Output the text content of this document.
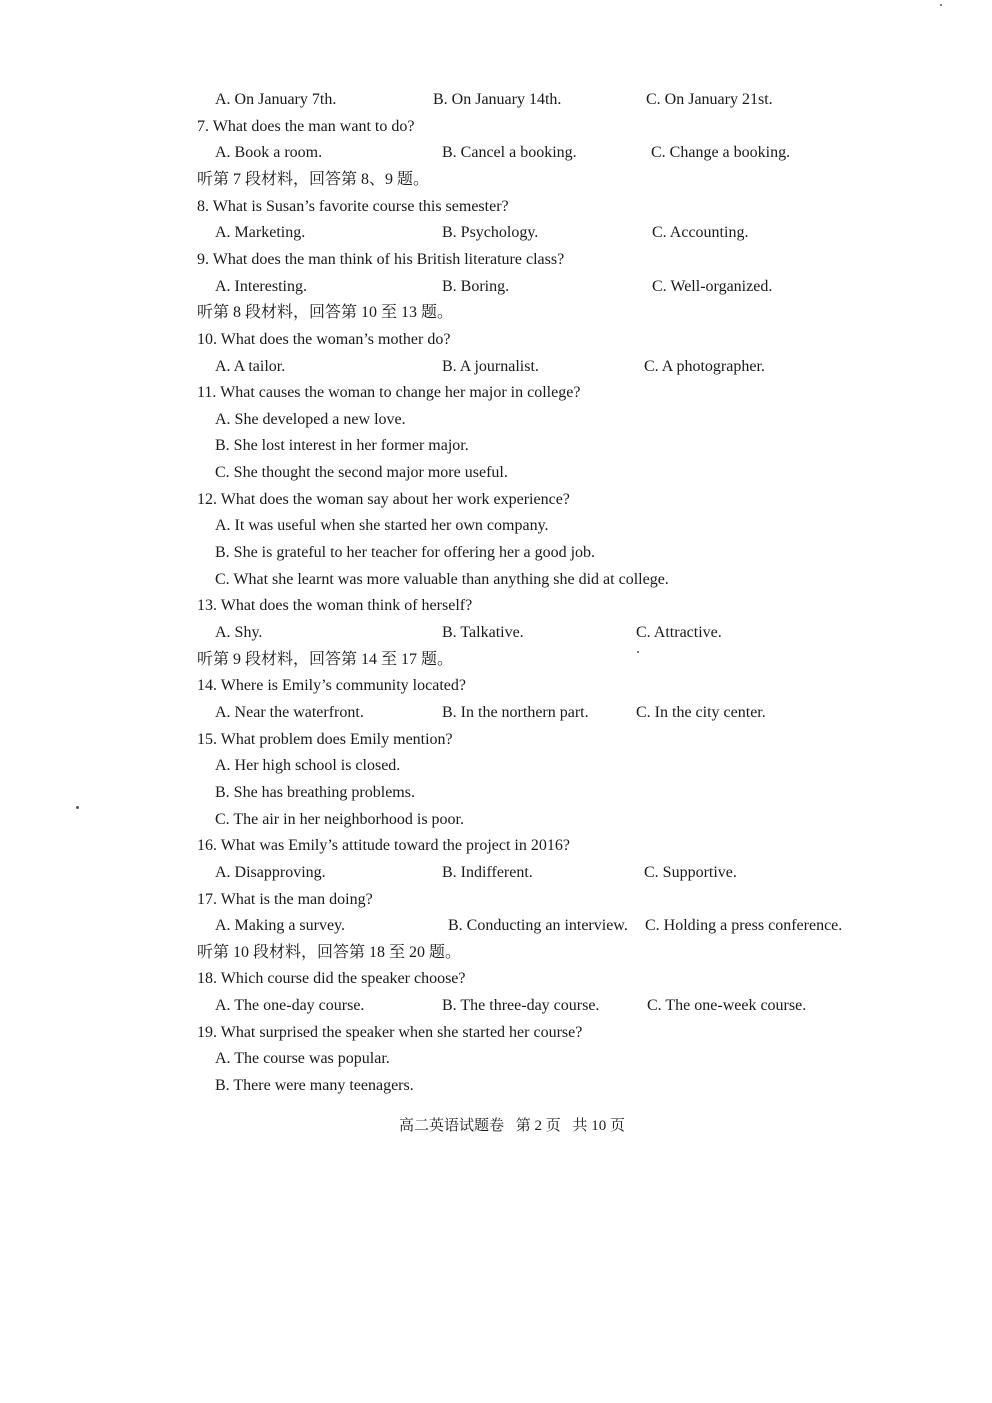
A. On January 7th.	B. On January 14th.	C. On January 21st.
7. What does the man want to do?
A. Book a room.	B. Cancel a booking.	C. Change a booking.
听第 7 段材料，回答第 8、9 题。
8. What is Susan’s favorite course this semester?
A. Marketing.	B. Psychology.	C. Accounting.
9. What does the man think of his British literature class?
A. Interesting.	B. Boring.	C. Well-organized.
听第 8 段材料，回答第 10 至 13 题。
10. What does the woman’s mother do?
A. A tailor.	B. A journalist.	C. A photographer.
11. What causes the woman to change her major in college?
A. She developed a new love.
B. She lost interest in her former major.
C. She thought the second major more useful.
12. What does the woman say about her work experience?
A. It was useful when she started her own company.
B. She is grateful to her teacher for offering her a good job.
C. What she learnt was more valuable than anything she did at college.
13. What does the woman think of herself?
A. Shy.	B. Talkative.	C. Attractive.
听第 9 段材料，回答第 14 至 17 题。
14. Where is Emily’s community located?
A. Near the waterfront.	B. In the northern part.	C. In the city center.
15. What problem does Emily mention?
A. Her high school is closed.
B. She has breathing problems.
C. The air in her neighborhood is poor.
16. What was Emily’s attitude toward the project in 2016?
A. Disapproving.	B. Indifferent.	C. Supportive.
17. What is the man doing?
A. Making a survey.	B. Conducting an interview. C. Holding a press conference.
听第 10 段材料，回答第 18 至 20 题。
18. Which course did the speaker choose?
A. The one-day course.	B. The three-day course.	C. The one-week course.
19. What surprised the speaker when she started her course?
A. The course was popular.
B. There were many teenagers.
高二英语试题卷 第 2 页 共 10 页
